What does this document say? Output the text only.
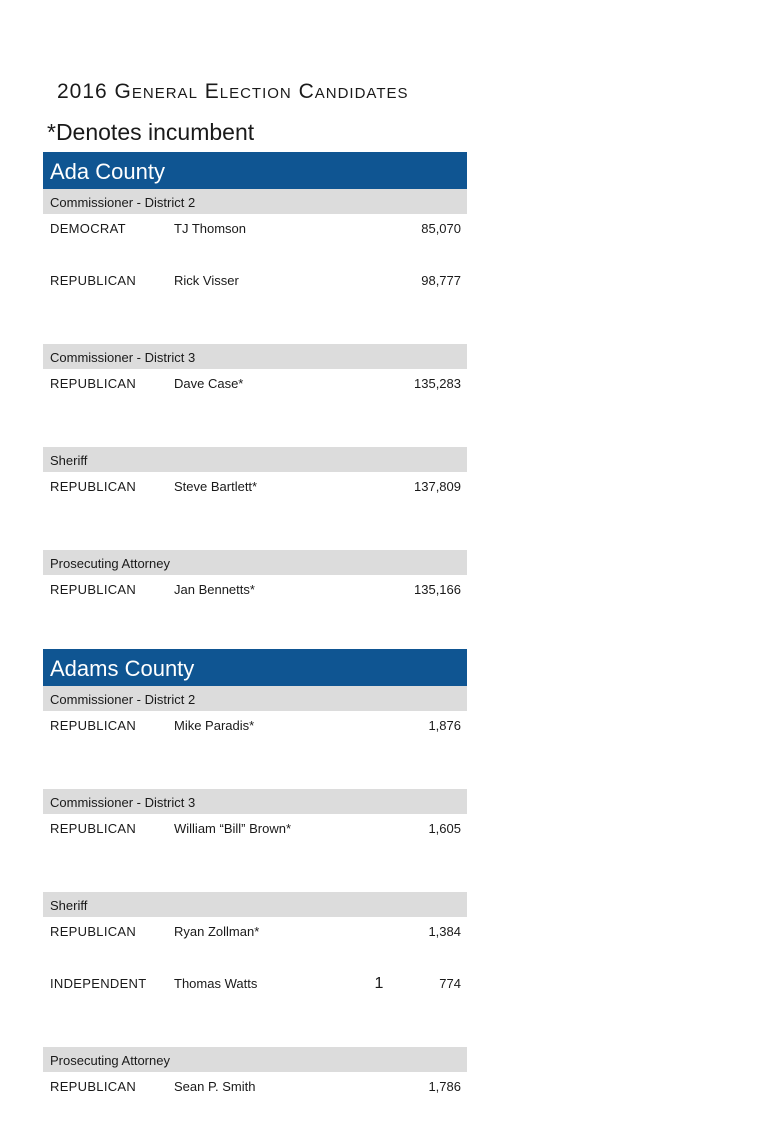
2016 General Election Candidates
*Denotes incumbent
Ada County
Commissioner - District 2
DEMOCRAT	TJ Thomson	85,070
REPUBLICAN	Rick Visser	98,777
Commissioner - District 3
REPUBLICAN	Dave Case*	135,283
Sheriff
REPUBLICAN	Steve Bartlett*	137,809
Prosecuting Attorney
REPUBLICAN	Jan Bennetts*	135,166
Adams County
Commissioner - District 2
REPUBLICAN	Mike Paradis*	1,876
Commissioner - District 3
REPUBLICAN	William “Bill” Brown*	1,605
Sheriff
REPUBLICAN	Ryan Zollman*	1,384
INDEPENDENT Thomas Watts	774
Prosecuting Attorney
REPUBLICAN	Sean P. Smith	1,786
1
